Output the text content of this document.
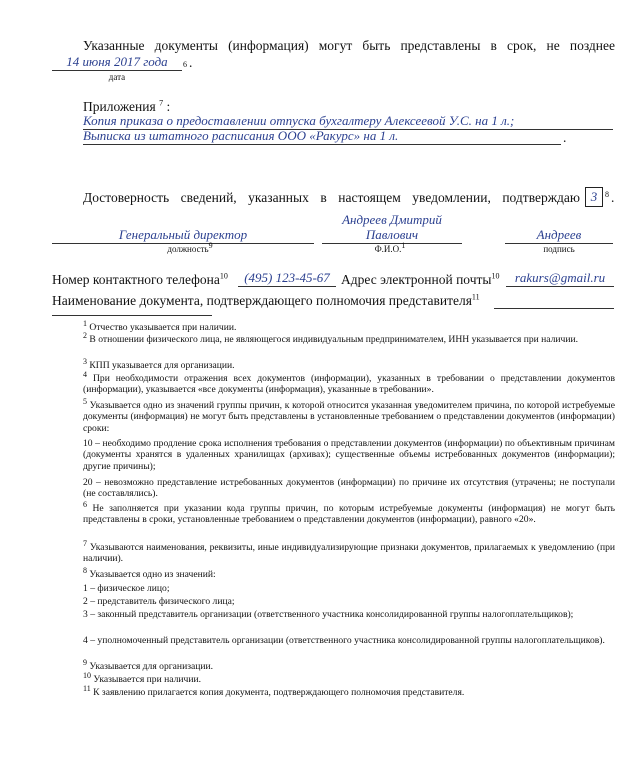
Указанные документы (информация) могут быть представлены в срок, не позднее
14 июня 2017 года	6 .
дата
Приложения $^7$ :
Копия приказа о предоставлении отпуска бухгалтеру Алексеевой У.С. на 1 л.;
Выписка из штатного расписания ООО «Ракурс» на 1 л.	.
Достоверность сведений, указанных в настоящем уведомлении, подтверждаю 3 8 .
Генеральный директор
должность$^9$
Андреев Дмитрий
Павлович
Ф.И.О.$^1$
Андреев
подпись
Номер контактного телефона$^{10}$	(495) 123-45-67 Адрес электронной почты$^{10}$	rakurs@gmail.ru
Наименование документа, подтверждающего полномочия представителя$^{11}$
$^1$ Отчество указывается при наличии.
$^2$ В отношении физического лица, не являющегося индивидуальным предпринимателем, ИНН указывается при наличии.
$^3$ КПП указывается для организации.
$^4$ При необходимости отражения всех документов (информации), указанных в требовании о представлении документов (информации), указывается «все документы (информация), указанные в требовании».
$^5$ Указывается одно из значений группы причин, к которой относится указанная уведомителем причина, по которой истребуемые документы (информация) не могут быть представлены в установленные требованием о представлении документов (информации) сроки:
10 – необходимо продление срока исполнения требования о представлении документов (информации) по объективным причинам (документы хранятся в удаленных хранилищах (архивах); существенные объемы истребованных документов (информации); другие причины);
20 – невозможно представление истребованных документов (информации) по причине их отсутствия (утрачены; не поступали (не составлялись).
$^6$ Не заполняется при указании кода группы причин, по которым истребуемые документы (информация) не могут быть представлены в сроки, установленные требованием о представлении документов (информации), равного «20».
$^7$ Указываются наименования, реквизиты, иные индивидуализирующие признаки документов, прилагаемых к уведомлению (при наличии).
$^8$ Указывается одно из значений:
1 – физическое лицо;
2 – представитель физического лица;
3 – законный представитель организации (ответственного участника консолидированной группы налогоплательщиков);
4 – уполномоченный представитель организации (ответственного участника консолидированной группы налогоплательщиков).
$^9$ Указывается для организации.
$^{10}$ Указывается при наличии.
$^{11}$ К заявлению прилагается копия документа, подтверждающего полномочия представителя.
